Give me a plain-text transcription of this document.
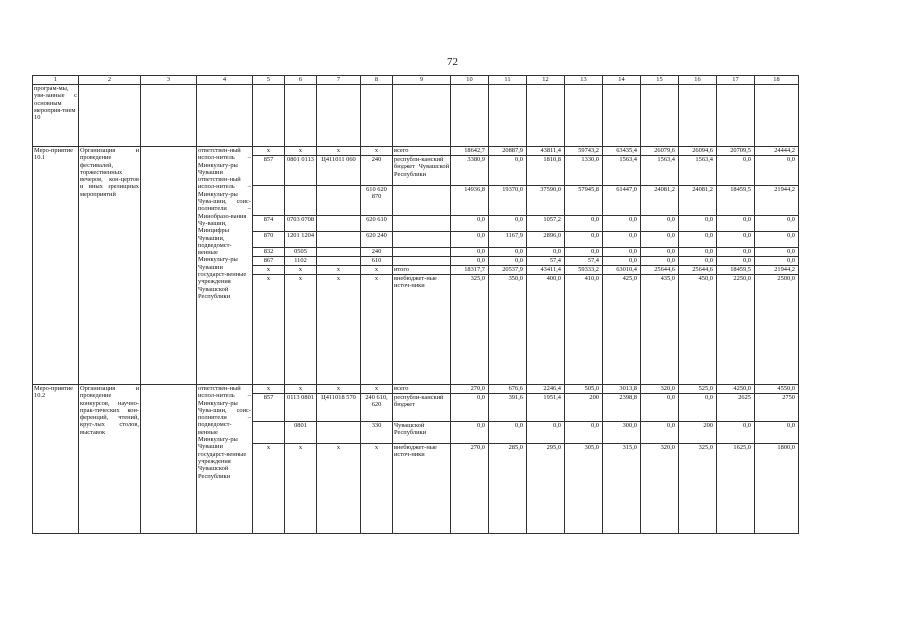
72
1	2	3	4	5	6	7	8	9	10	11	12	13	14	15	16	17	18
програм-мы, увя-занные с основным мероприя-тием 10																	
Меро-приятие 10.1	Организация и проведение фестивалей, торжественных вечеров, кон-цертов и иных зрелищных мероприятий		ответствен-ный испол-нитель – Минкульту-ры Чувашии ответствен-ный испол-нитель – Минкульту-ры Чува-шии, соис-полнители – Минобразо-вания Чу-вашии, Минцифры Чувашии, подведомст-венные Минкульту-ры Чувашии государст-венные учреждения Чувашской Республики	x	x	x	x	всего	18642,7	20887,9	43811,4	59743,2	63435,4	26079,6	26094,6	20709,5	24444,2
				857	0801 0113	Ц411011 060	240	республи-канский бюджет Чувашской Республики	3380,9	0,0	1810,8	1330,0	1563,4	1563,4	1563,4	0,0	0,0
							610 620 870		14936,8	19370,0	37590,0	57945,8	61447,0	24081,2	24081,2	18459,5	21944,2
				874	0703 0708		620 610		0,0	0,0	1057,2	0,0	0,0	0,0	0,0	0,0	0,0
				870	1201 1204		620 240		0,0	1167,9	2896,0	0,0	0,0	0,0	0,0	0,0	0,0
				832	0505		240		0,0	0,0	0,0	0,0	0,0	0,0	0,0	0,0	0,0
				867	1102		610		0,0	0,0	57,4	57,4	0,0	0,0	0,0	0,0	0,0
				x	x	x	x	итого	18317,7	20537,9	43411,4	59333,2	63010,4	25644,6	25644,6	18459,5	21944,2
				x	x	x	x	внебюджет-ные источ-ники	325,0	350,0	400,0	410,0	425,0	435,0	450,0	2250,0	2500,0
Меро-приятие 10.2	Организация и проведение конкурсов, научно-прак-тических кон-ференций, чтений, круг-лых столов, выставок		ответствен-ный испол-нитель – Минкульту-ры Чува-шии, соис-полнители – подведомст-венные Минкульту-ры Чувашии государст-венные учреждения Чувашской Республики	x	x	x	x	всего	270,0	676,6	2246,4	505,0	3013,8	320,0	525,0	4250,0	4550,0
				857	0113 0801	Ц411018 570	240 610, 620	республи-канский бюджет	0,0	391,6	1951,4	200	2398,8	0,0	0,0	2625	2750
					0801		330	Чувашской Республики	0,0	0,0	0,0	0,0	300,0	0,0	200	0,0	0,0
				x	x	x	x	внебюджет-ные источ-ники	270,0	285,0	295,0	305,0	315,0	320,0	325,0	1625,0	1800,0
